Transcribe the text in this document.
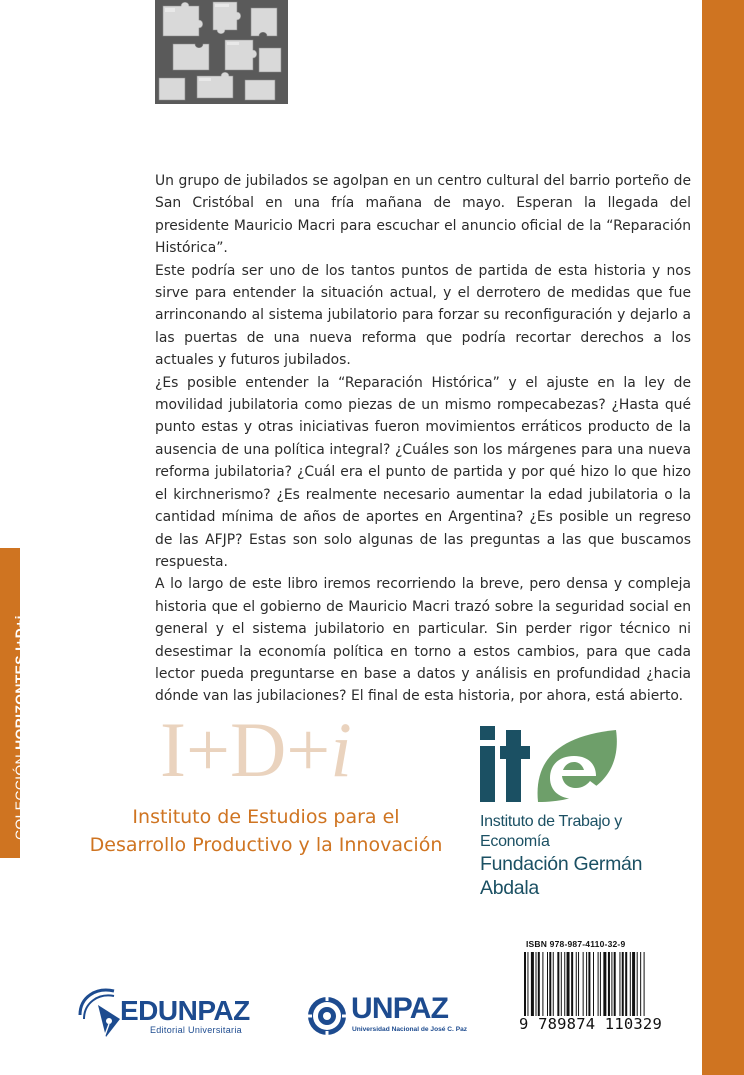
COLECCIÓN HORIZONTES I+D+i

Un grupo de jubilados se agolpan en un centro cultural del barrio porteño de San Cristóbal en una fría mañana de mayo. Esperan la llegada del presidente Mauricio Macri para escuchar el anuncio oficial de la “Reparación Histórica”.

Este podría ser uno de los tantos puntos de partida de esta historia y nos sirve para entender la situación actual, y el derrotero de medidas que fue arrinconando al sistema jubilatorio para forzar su reconfiguración y dejarlo a las puertas de una nueva reforma que podría recortar derechos a los actuales y futuros jubilados.

¿Es posible entender la “Reparación Histórica” y el ajuste en la ley de movilidad jubilatoria como piezas de un mismo rompecabezas? ¿Hasta qué punto estas y otras iniciativas fueron movimientos erráticos producto de la ausencia de una política integral? ¿Cuáles son los márgenes para una nueva reforma jubilatoria? ¿Cuál era el punto de partida y por qué hizo lo que hizo el kirchnerismo? ¿Es realmente necesario aumentar la edad jubilatoria o la cantidad mínima de años de aportes en Argentina? ¿Es posible un regreso de las AFJP? Estas son solo algunas de las preguntas a las que buscamos respuesta.

A lo largo de este libro iremos recorriendo la breve, pero densa y compleja historia que el gobierno de Mauricio Macri trazó sobre la seguridad social en general y el sistema jubilatorio en particular. Sin perder rigor técnico ni desestimar la economía política en torno a estos cambios, para que cada lector pueda preguntarse en base a datos y análisis en profundidad ¿hacia dónde van las jubilaciones? El final de esta historia, por ahora, está abierto.

I+D+i
Instituto de Estudios para el
Desarrollo Productivo y la Innovación
Instituto de Trabajo y Economía
Fundación Germán Abdala
EDUNPAZ
Editorial Universitaria
UNPAZ
Universidad Nacional de José C. Paz
ISBN 978-987-4110-32-9
9 789874 110329
